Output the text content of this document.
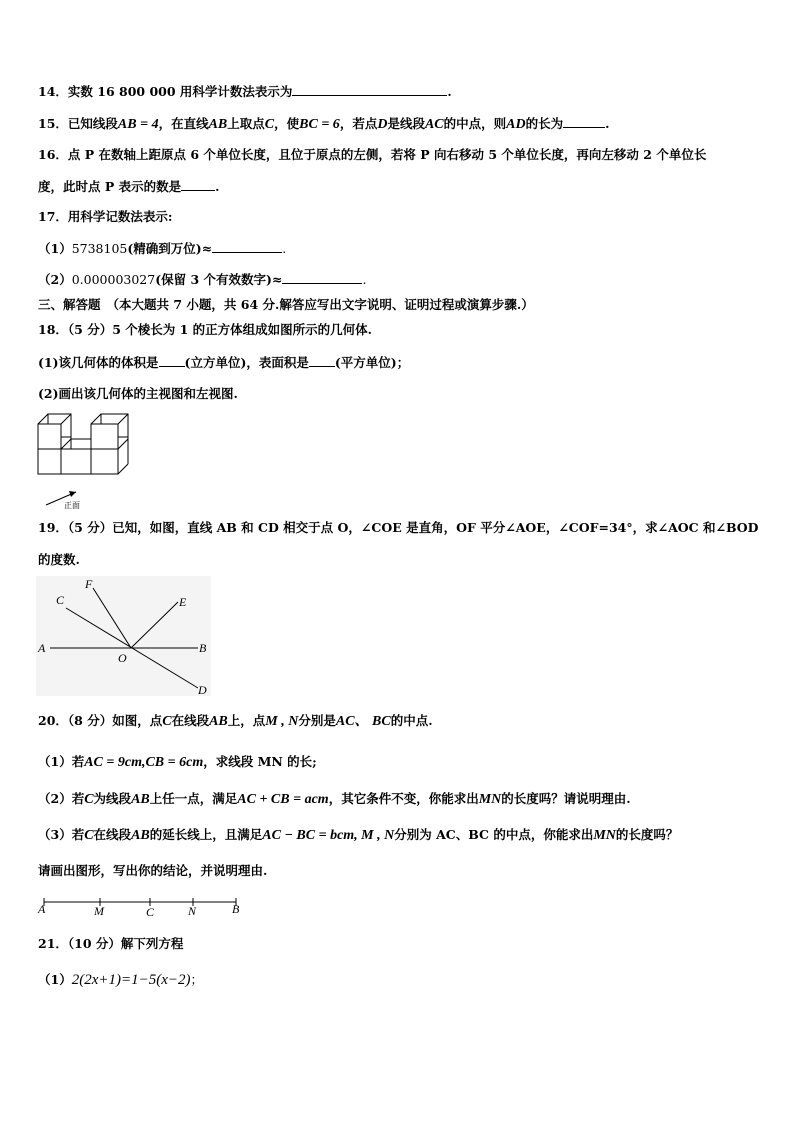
14．实数 16 800 000 用科学计数法表示为	.
15．已知线段AB = 4，在直线AB上取点C，使BC = 6，若点D是线段AC的中点，则AD的长为	.
16．点 P 在数轴上距原点 6 个单位长度，且位于原点的左侧，若将 P 向右移动 5 个单位长度，再向左移动 2 个单位长
度，此时点 P 表示的数是	.
17．用科学记数法表示:
（1）5738105(精确到万位)≈	.
（2）0.000003027(保留 3 个有效数字)≈	.
三、解答题 （本大题共 7 小题，共 64 分.解答应写出文字说明、证明过程或演算步骤.）
18．（5 分）5 个棱长为 1 的正方体组成如图所示的几何体.
(1)该几何体的体积是 (立方单位)，表面积是 (平方单位)；
(2)画出该几何体的主视图和左视图.
正面
19．（5 分）已知，如图，直线 AB 和 CD 相交于点 O，∠COE 是直角，OF 平分∠AOE，∠COF=34°，求∠AOC 和∠BOD
的度数.
A	B
C
D
E
F
O
20．（8 分）如图，点C在线段AB上，点M , N分别是AC、 BC的中点.
（1）若AC = 9cm,CB = 6cm，求线段 MN 的长;
（2）若C为线段AB上任一点，满足AC + CB = acm，其它条件不变，你能求出MN的长度吗？请说明理由.
（3）若C在线段AB的延长线上，且满足AC − BC = bcm, M , N分别为 AC、BC 的中点，你能求出MN的长度吗？
请画出图形，写出你的结论，并说明理由.
A	M	C	N	B
21．（10 分）解下列方程
（1）2(2x+1)=1−5(x−2)；
